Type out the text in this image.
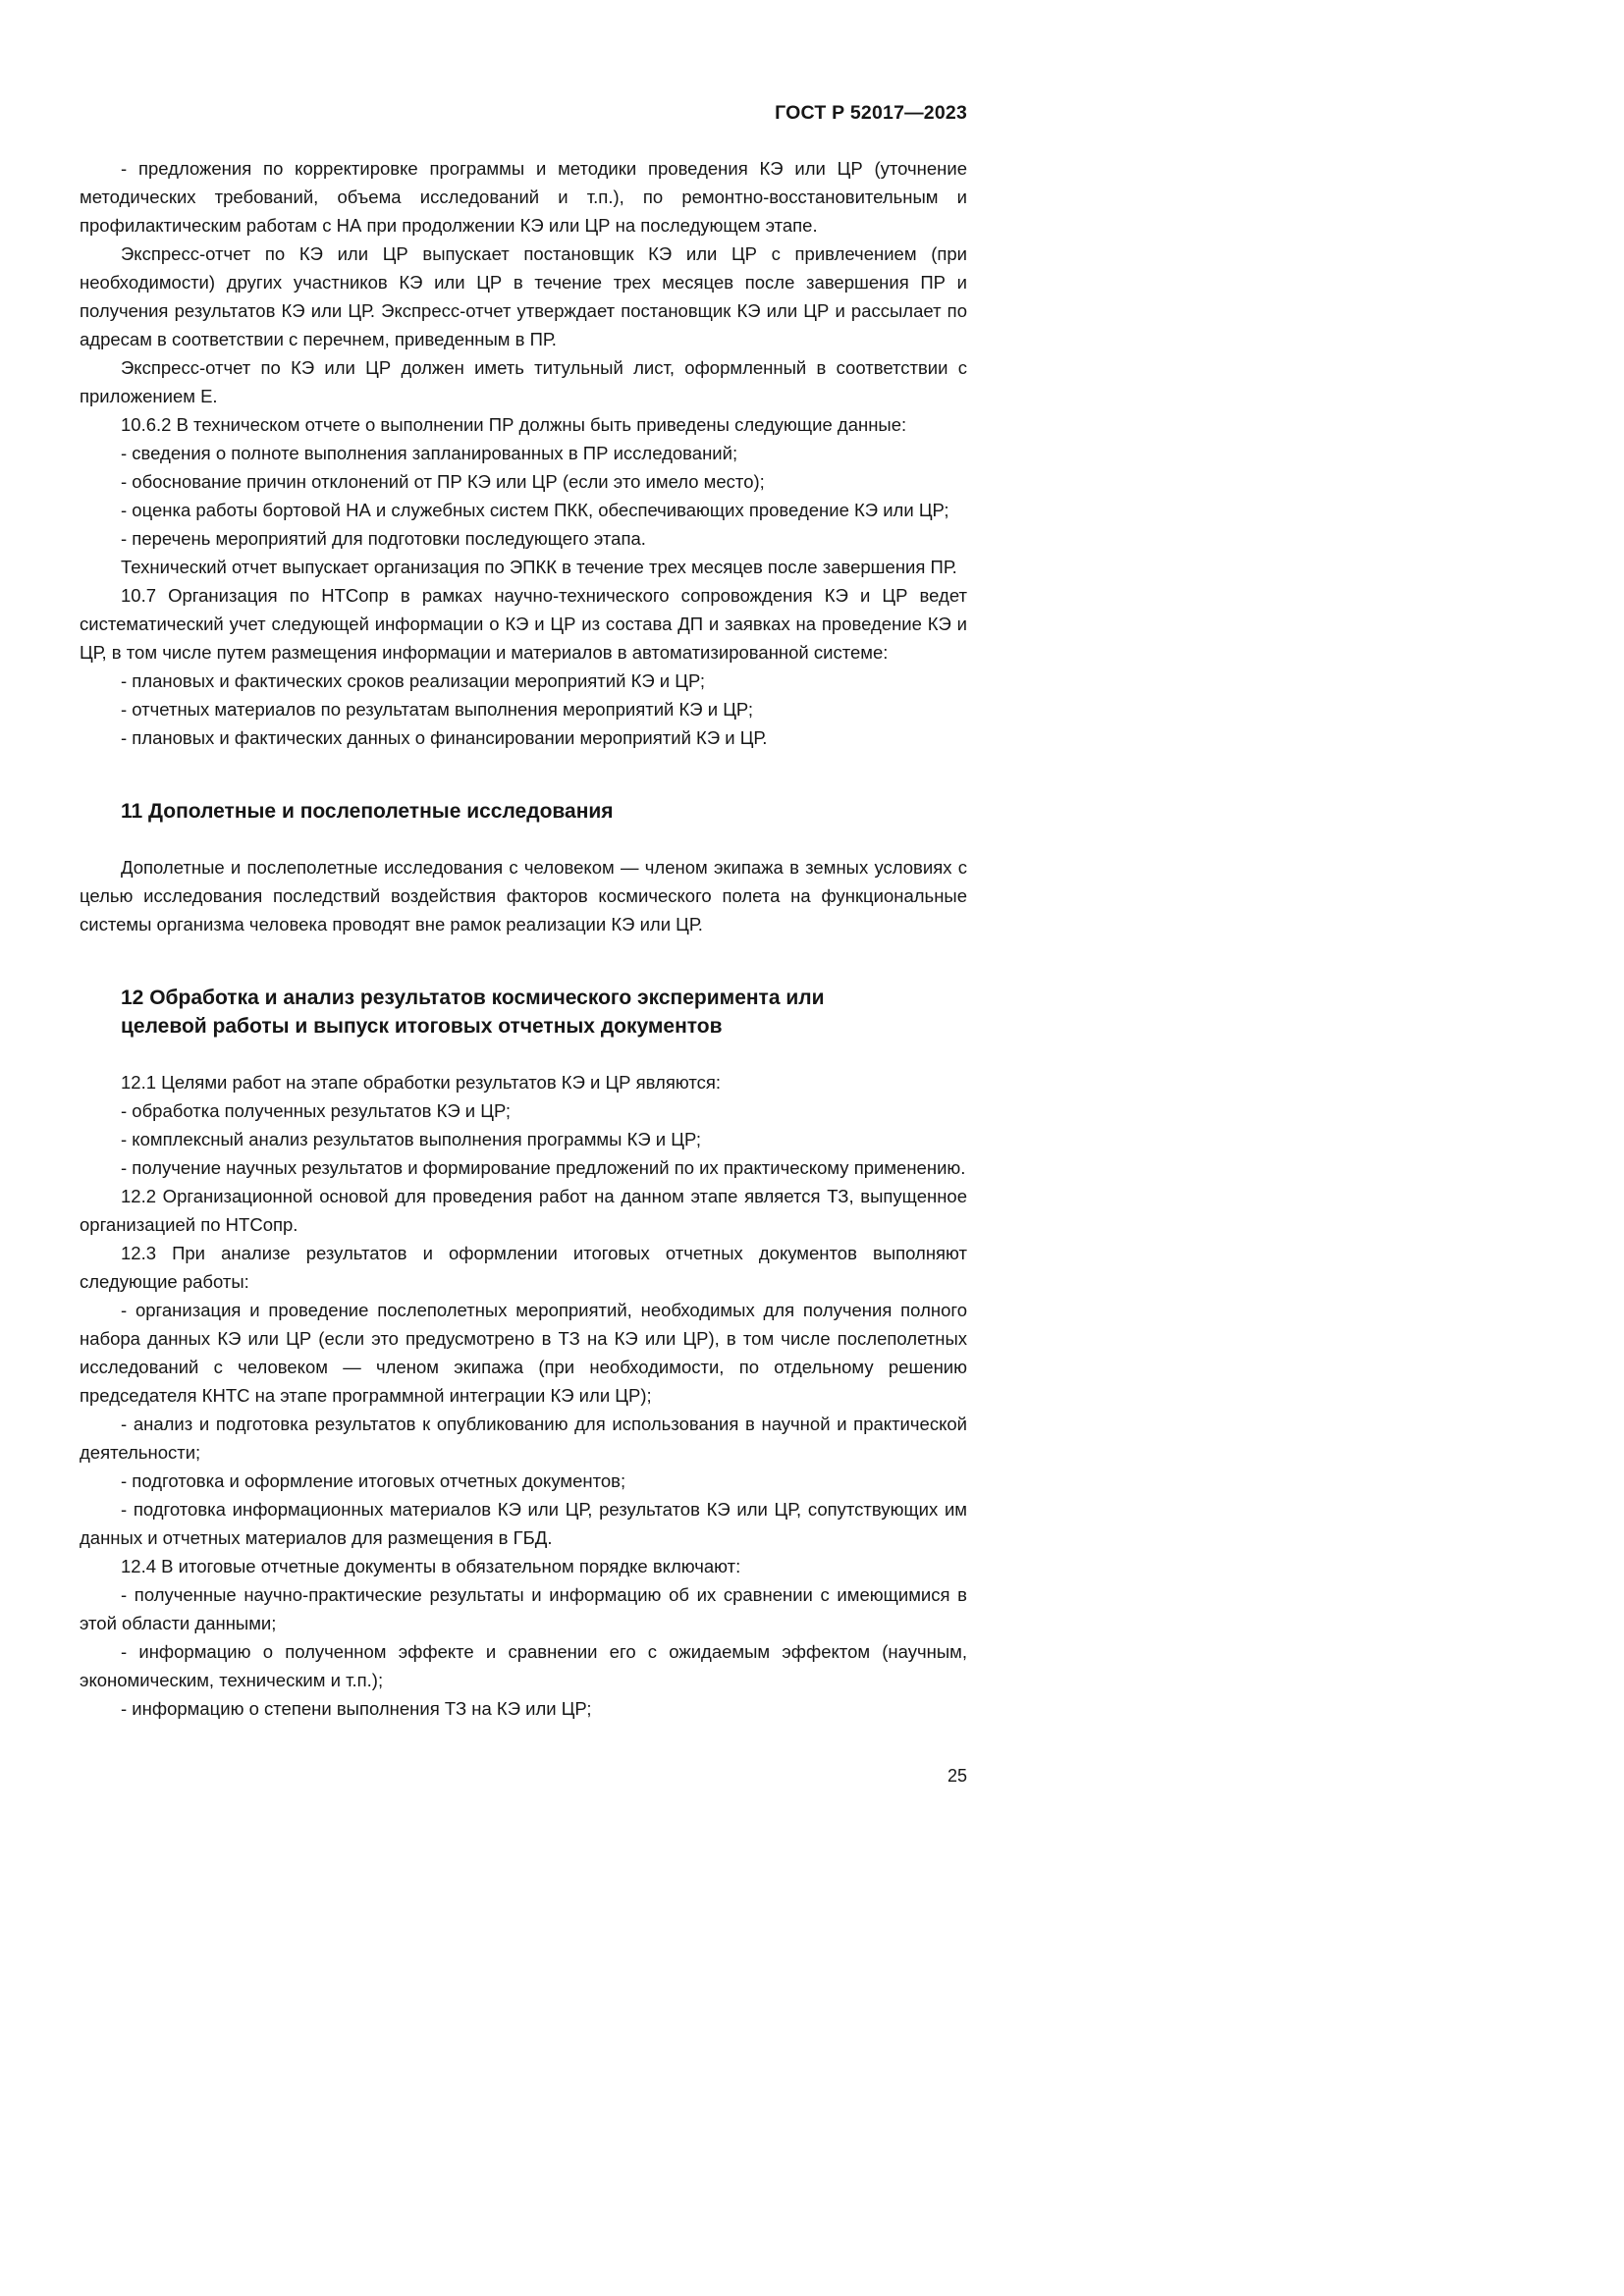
ГОСТ Р 52017—2023
- предложения по корректировке программы и методики проведения КЭ или ЦР (уточнение методических требований, объема исследований и т.п.), по ремонтно-восстановительным и профилактическим работам с НА при продолжении КЭ или ЦР на последующем этапе.
Экспресс-отчет по КЭ или ЦР выпускает постановщик КЭ или ЦР с привлечением (при необходимости) других участников КЭ или ЦР в течение трех месяцев после завершения ПР и получения результатов КЭ или ЦР. Экспресс-отчет утверждает постановщик КЭ или ЦР и рассылает по адресам в соответствии с перечнем, приведенным в ПР.
Экспресс-отчет по КЭ или ЦР должен иметь титульный лист, оформленный в соответствии с приложением Е.
10.6.2 В техническом отчете о выполнении ПР должны быть приведены следующие данные:
- сведения о полноте выполнения запланированных в ПР исследований;
- обоснование причин отклонений от ПР КЭ или ЦР (если это имело место);
- оценка работы бортовой НА и служебных систем ПКК, обеспечивающих проведение КЭ или ЦР;
- перечень мероприятий для подготовки последующего этапа.
Технический отчет выпускает организация по ЭПКК в течение трех месяцев после завершения ПР.
10.7 Организация по НТСопр в рамках научно-технического сопровождения КЭ и ЦР ведет систематический учет следующей информации о КЭ и ЦР из состава ДП и заявках на проведение КЭ и ЦР, в том числе путем размещения информации и материалов в автоматизированной системе:
- плановых и фактических сроков реализации мероприятий КЭ и ЦР;
- отчетных материалов по результатам выполнения мероприятий КЭ и ЦР;
- плановых и фактических данных о финансировании мероприятий КЭ и ЦР.
11 Дополетные и послеполетные исследования
Дополетные и послеполетные исследования с человеком — членом экипажа в земных условиях с целью исследования последствий воздействия факторов космического полета на функциональные системы организма человека проводят вне рамок реализации КЭ или ЦР.
12 Обработка и анализ результатов космического эксперимента или целевой работы и выпуск итоговых отчетных документов
12.1 Целями работ на этапе обработки результатов КЭ и ЦР являются:
- обработка полученных результатов КЭ и ЦР;
- комплексный анализ результатов выполнения программы КЭ и ЦР;
- получение научных результатов и формирование предложений по их практическому применению.
12.2 Организационной основой для проведения работ на данном этапе является ТЗ, выпущенное организацией по НТСопр.
12.3 При анализе результатов и оформлении итоговых отчетных документов выполняют следующие работы:
- организация и проведение послеполетных мероприятий, необходимых для получения полного набора данных КЭ или ЦР (если это предусмотрено в ТЗ на КЭ или ЦР), в том числе послеполетных исследований с человеком — членом экипажа (при необходимости, по отдельному решению председателя КНТС на этапе программной интеграции КЭ или ЦР);
- анализ и подготовка результатов к опубликованию для использования в научной и практической деятельности;
- подготовка и оформление итоговых отчетных документов;
- подготовка информационных материалов КЭ или ЦР, результатов КЭ или ЦР, сопутствующих им данных и отчетных материалов для размещения в ГБД.
12.4 В итоговые отчетные документы в обязательном порядке включают:
- полученные научно-практические результаты и информацию об их сравнении с имеющимися в этой области данными;
- информацию о полученном эффекте и сравнении его с ожидаемым эффектом (научным, экономическим, техническим и т.п.);
- информацию о степени выполнения ТЗ на КЭ или ЦР;
25
